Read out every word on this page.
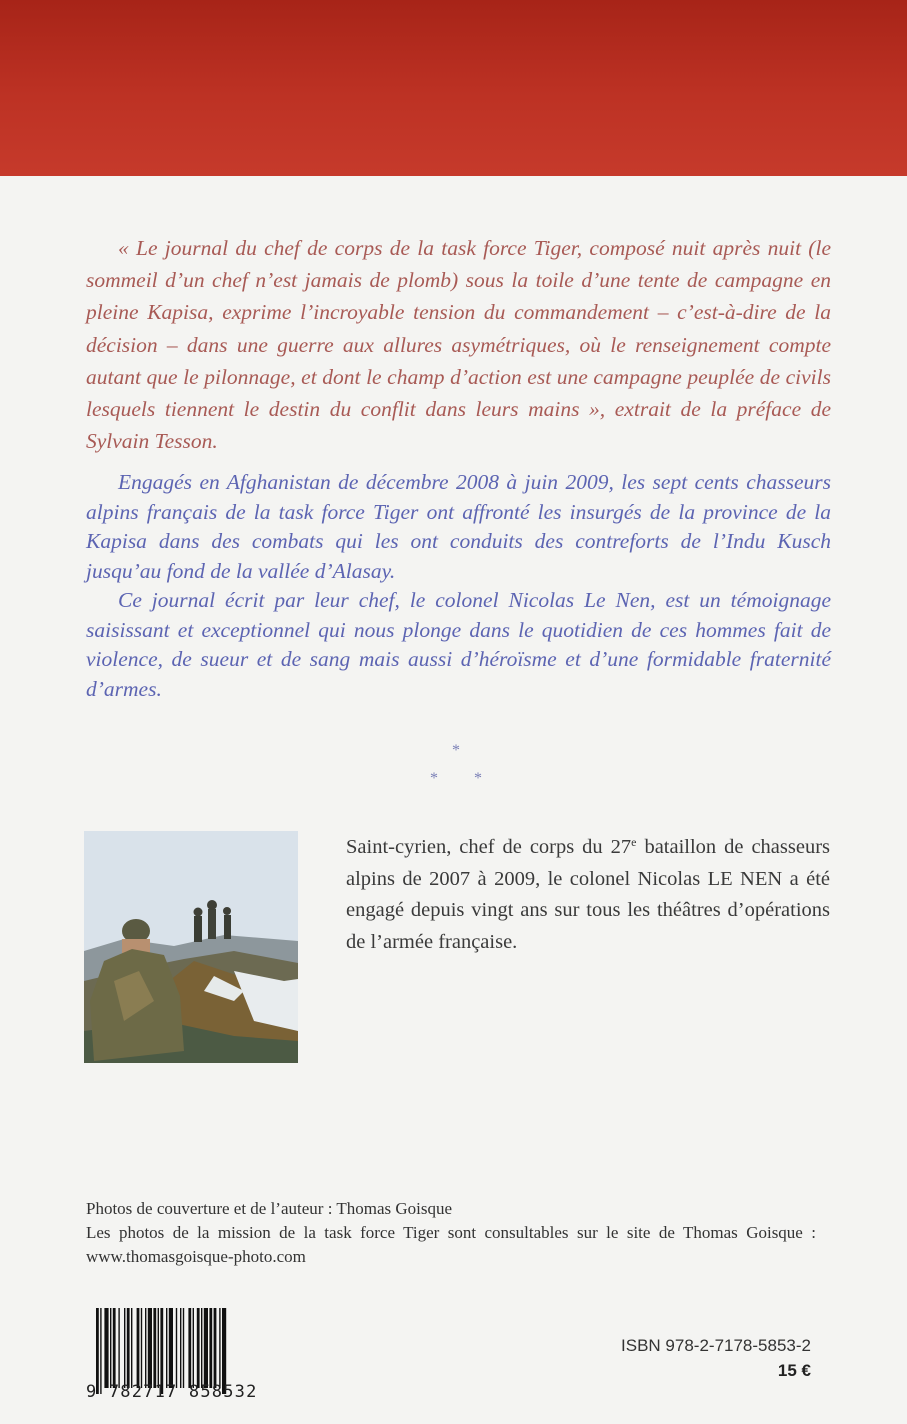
« Le journal du chef de corps de la task force Tiger, composé nuit après nuit (le sommeil d’un chef n’est jamais de plomb) sous la toile d’une tente de campagne en pleine Kapisa, exprime l’incroyable tension du commandement – c’est-à-dire de la décision – dans une guerre aux allures asymétriques, où le renseignement compte autant que le pilonnage, et dont le champ d’action est une campagne peuplée de civils lesquels tiennent le destin du conflit dans leurs mains », extrait de la préface de Sylvain Tesson.

Engagés en Afghanistan de décembre 2008 à juin 2009, les sept cents chasseurs alpins français de la task force Tiger ont affronté les insurgés de la province de la Kapisa dans des combats qui les ont conduits des contreforts de l’Indu Kusch jusqu’au fond de la vallée d’Alasay.

Ce journal écrit par leur chef, le colonel Nicolas Le Nen, est un témoignage saisissant et exceptionnel qui nous plonge dans le quotidien de ces hommes fait de violence, de sueur et de sang mais aussi d’héroïsme et d’une formidable fraternité d’armes.

*
* *

Saint-cyrien, chef de corps du 27e bataillon de chasseurs alpins de 2007 à 2009, le colonel Nicolas LE NEN a été engagé depuis vingt ans sur tous les théâtres d’opérations de l’armée française.

Photos de couverture et de l’auteur : Thomas Goisque

Les photos de la mission de la task force Tiger sont consultables sur le site de Thomas Goisque : www.thomasgoisque-photo.com

9 782717 858532
ISBN 978-2-7178-5853-2
15 €
